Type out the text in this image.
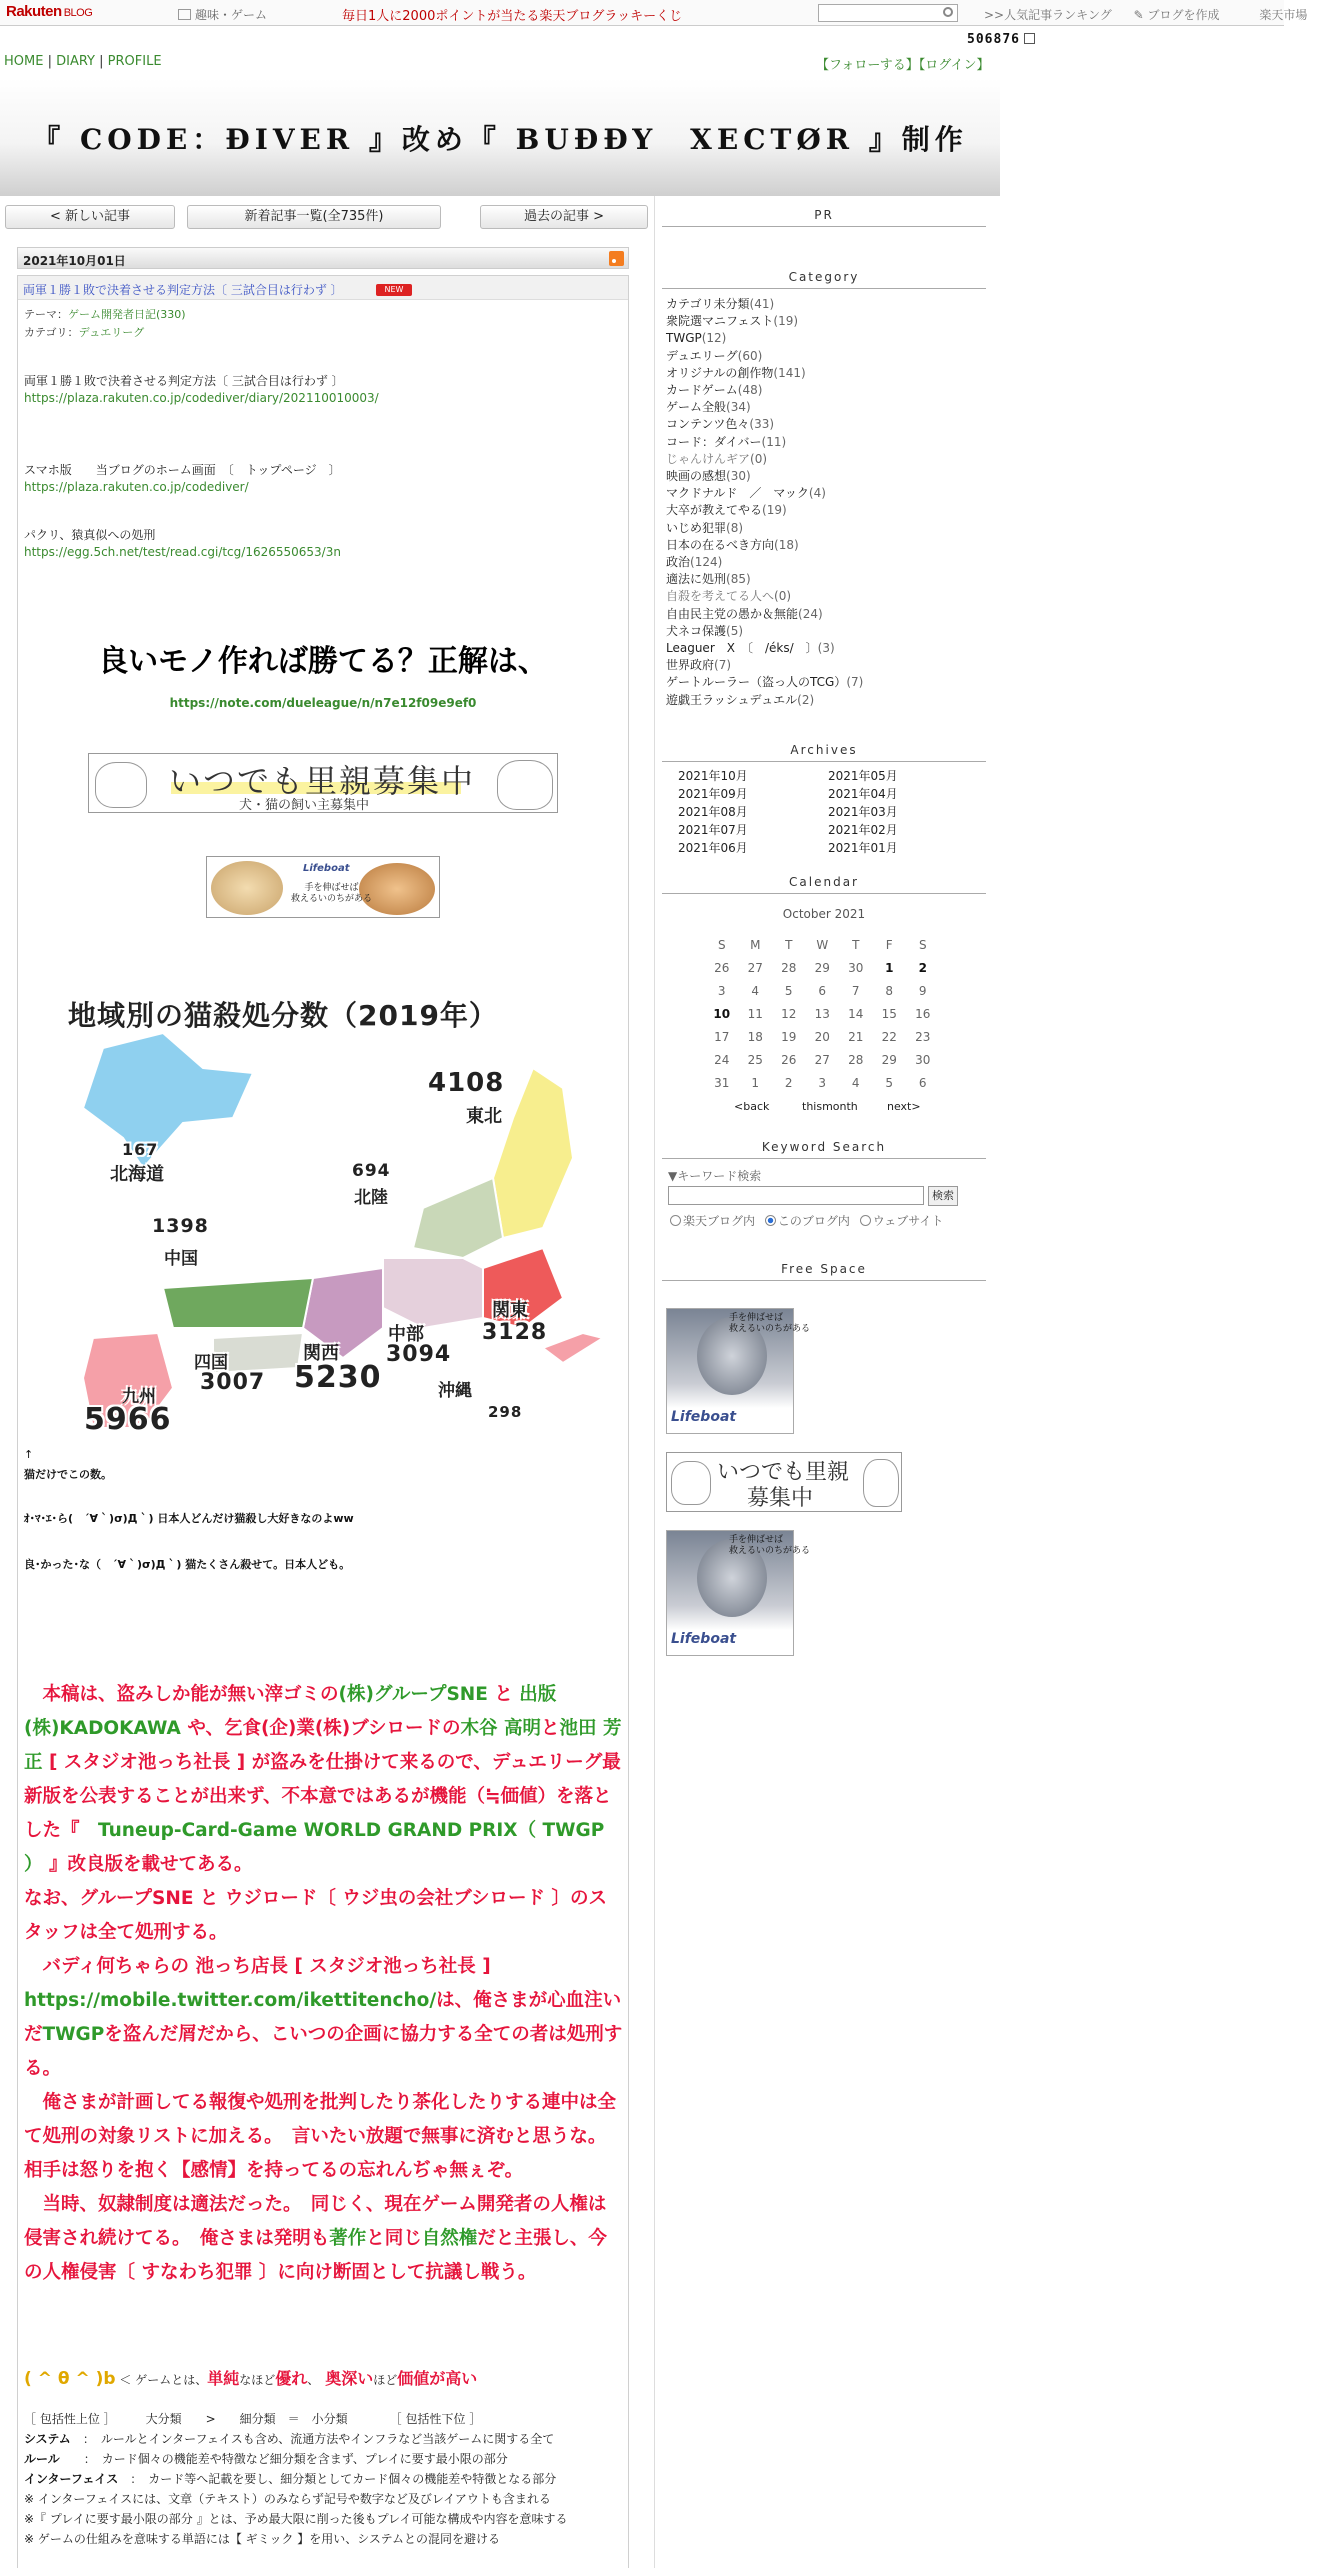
Rakuten BLOG	趣味・ゲーム	毎日1人に2000ポイントが当たる楽天ブログラッキーくじ	>>人気記事ランキング ✎ ブログを作成	楽天市場
506876
HOME | DIARY | PROFILE	【フォローする】【ログイン】
『 CODE：ÐIVER 』改め『 BUÐÐY　XECTØR 』制作
< 新しい記事	新着記事一覧(全735件)	過去の記事 >
2021年10月01日
両軍１勝１敗で決着させる判定方法〔 三試合目は行わず 〕	NEW
テーマ：ゲーム開発者日記(330)
カテゴリ：デュエリーグ
両軍１勝１敗で決着させる判定方法〔 三試合目は行わず 〕
https://plaza.rakuten.co.jp/codediver/diary/202110010003/
スマホ版　　当ブログのホーム画面　〔　トップページ　〕
https://plaza.rakuten.co.jp/codediver/
パクリ、猿真似への処刑
https://egg.5ch.net/test/read.cgi/tcg/1626550653/3n
良いモノ作れば勝てる？正解は、
https://note.com/dueleague/n/n7e12f09e9ef0
いつでも里親募集中
犬・猫の飼い主募集中
Lifeboat
手を伸ばせば
救えるいのちがある
地域別の猫殺処分数（2019年）
167
北海道
4108
東北
694
北陸
1398
中国
関東
3128
中部
3094
四国
3007
関西
5230	沖縄
298
九州
5966
↑
猫だけでこの数。
ｵ･ﾏ･ｴ･ら(　´∀｀)σ)Д｀) 日本人どんだけ猫殺し大好きなのよww
良･かった･な（　´∀｀)σ)Д｀) 猫たくさん殺せて。日本人ども。
　本稿は、盗みしか能が無い滓ゴミの(株)グループSNE と 出版(株)KADOKAWA や、乞食(企)業(株)ブシロードの木谷 高明と池田 芳正 [ スタジオ池っち社長 ] が盗みを仕掛けて来るので、デュエリーグ最新版を公表することが出来ず、不本意ではあるが機能（≒価値）を落とした『　Tuneup-Card-Game WORLD GRAND PRIX（ TWGP ） 』改良版を載せてある。
なお、グループSNE と ウジロード〔 ウジ虫の会社ブシロード 〕のスタッフは全て処刑する。
　バディ何ちゃらの 池っち店長 [ スタジオ池っち社長 ] https://mobile.twitter.com/ikettitencho/は、俺さまが心血注いだTWGPを盗んだ屑だから、こいつの企画に協力する全ての者は処刑する。
　俺さまが計画してる報復や処刑を批判したり茶化したりする連中は全て処刑の対象リストに加える。　言いたい放題で無事に済むと思うな。　相手は怒りを抱く【感情】を持ってるの忘れんぢゃ無ぇぞ。
　当時、奴隷制度は適法だった。　同じく、現在ゲーム開発者の人権は侵害され続けてる。　俺さまは発明も著作と同じ自然権だと主張し、今の人権侵害〔 すなわち犯罪 〕に向け断固として抗議し戦う。
( ^ θ ^ )b ＜ ゲームとは、単純なほど優れ、　奥深いほど価値が高い
［ 包括性上位 ］　　　大分類　　>　　細分類　＝　小分類　　　　［ 包括性下位 ］
システム　：　ルールとインターフェイスも含め、流通方法やインフラなど当該ゲームに関する全て
ルール　　：　カード個々の機能差や特徴など細分類を含まず、プレイに要す最小限の部分
インターフェイス　：　カード等へ記載を要し、細分類としてカード個々の機能差や特徴となる部分
※ インターフェイスには、文章（テキスト）のみならず記号や数字など及びレイアウトも含まれる
※『 プレイに要す最小限の部分 』とは、予め最大限に削った後もプレイ可能な構成や内容を意味する
※ ゲームの仕組みを意味する単語には【 ギミック 】を用い、システムとの混同を避ける
PR
Category
カテゴリ未分類(41)
衆院選マニフェスト(19)
TWGP(12)
デュエリーグ(60)
オリジナルの創作物(141)
カードゲーム(48)
ゲーム全般(34)
コンテンツ色々(33)
コード：ダイバー(11)
じゃんけんギア(0)
映画の感想(30)
マクドナルド　／　マック(4)
大卒が教えてやる(19)
いじめ犯罪(8)
日本の在るべき方向(18)
政治(124)
適法に処刑(85)
自殺を考えてる人へ(0)
自由民主党の愚か＆無能(24)
犬ネコ保護(5)
Leaguer　X　〔　/éks/　〕(3)
世界政府(7)
ゲートルーラー（盗っ人のTCG）(7)
遊戯王ラッシュデュエル(2)
Archives
2021年10月	2021年05月
2021年09月	2021年04月
2021年08月	2021年03月
2021年07月	2021年02月
2021年06月	2021年01月
Calendar
October 2021
S	M	T	W	T	F	S
26	27	28	29	30	1	2
3	4	5	6	7	8	9
10	11	12	13	14	15	16
17	18	19	20	21	22	23
24	25	26	27	28	29	30
31	1	2	3	4	5	6
<back	thismonth	next>
Keyword Search
▼キーワード検索
検索
楽天ブログ内 このブログ内 ウェブサイト
Free Space
手を伸ばせば
救えるいのちがある
Lifeboat
いつでも里親
募集中
手を伸ばせば
救えるいのちがある
Lifeboat
